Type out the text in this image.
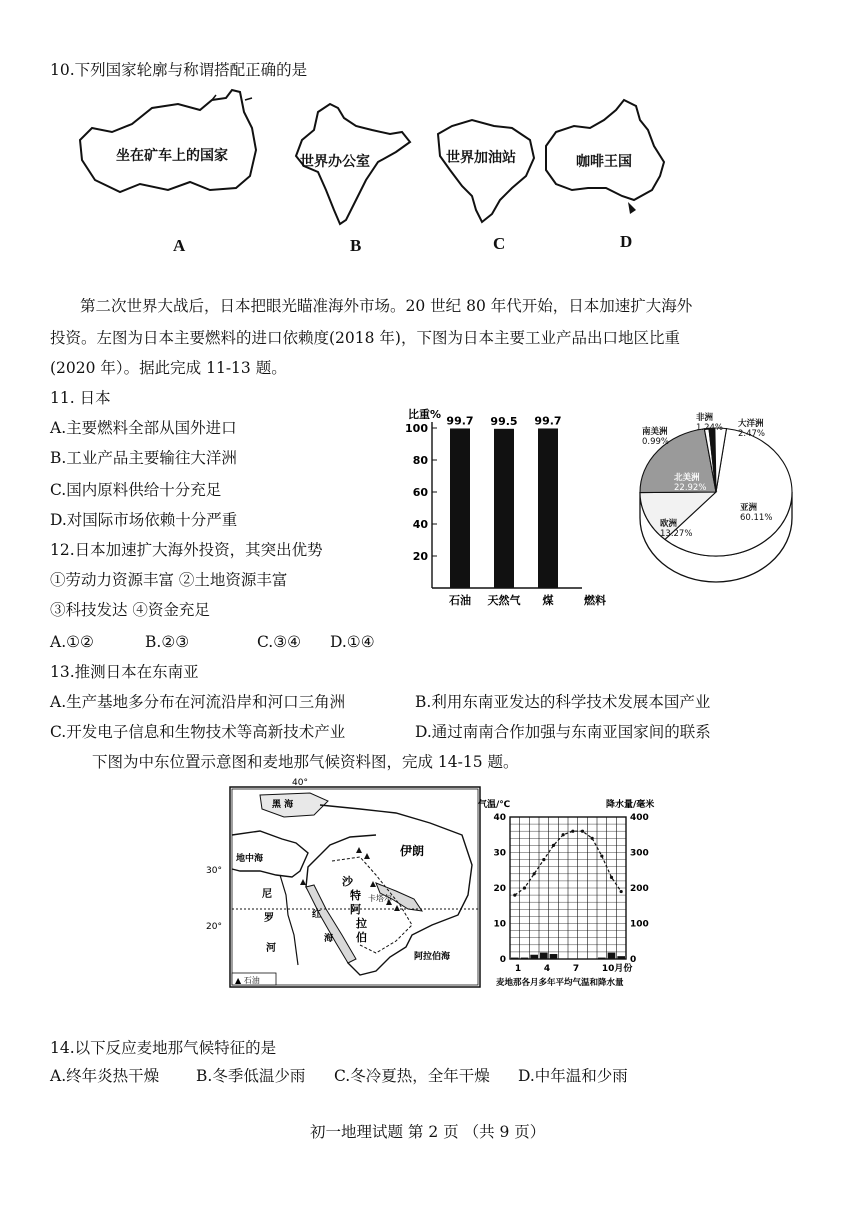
10.下列国家轮廓与称谓搭配正确的是
坐在矿车上的国家	世界办公室	世界加油站	咖啡王国
A	B	C	D
第二次世界大战后，日本把眼光瞄准海外市场。20 世纪 80 年代开始，日本加速扩大海外
投资。左图为日本主要燃料的进口依赖度(2018 年)，下图为日本主要工业产品出口地区比重
(2020 年）。据此完成 11-13 题。
11. 日本
A.主要燃料全部从国外进口
B.工业产品主要输往大洋洲
C.国内原料供给十分充足
D.对国际市场依赖十分严重
12.日本加速扩大海外投资，其突出优势
①劳动力资源丰富 ②土地资源丰富
③科技发达 ④资金充足
A.①②	B.②③	C.③④ D.①④
比重%
20
40
60
80
100
99.7
石油
99.5
天然气
99.7
煤	燃料
亚洲
60.11%
欧洲
13.27%
北美洲
22.92%
南美洲
0.99%
非洲
1.24% 大洋洲
2.47%
13.推测日本在东南亚
A.生产基地多分布在河流沿岸和河口三角洲	B.利用东南亚发达的科学技术发展本国产业
C.开发电子信息和生物技术等高新技术产业	D.通过南南合作加强与东南亚国家间的联系
下图为中东位置示意图和麦地那气候资料图，完成 14-15 题。
40°
30°
20°
黑 海
地中海
红
海
阿拉伯海
伊朗
沙
特
阿
拉
伯
尼
罗
河
卡塔尔
▲ 石油
气温/℃	降水量/毫米
0
10
20
30
40
0
100
200
300
400
1	4	7	10月份
麦地那各月多年平均气温和降水量
14.以下反应麦地那气候特征的是
A.终年炎热干燥 B.冬季低温少雨 C.冬冷夏热，全年干燥 D.中年温和少雨
初一地理试题 第 2 页 （共 9 页）
